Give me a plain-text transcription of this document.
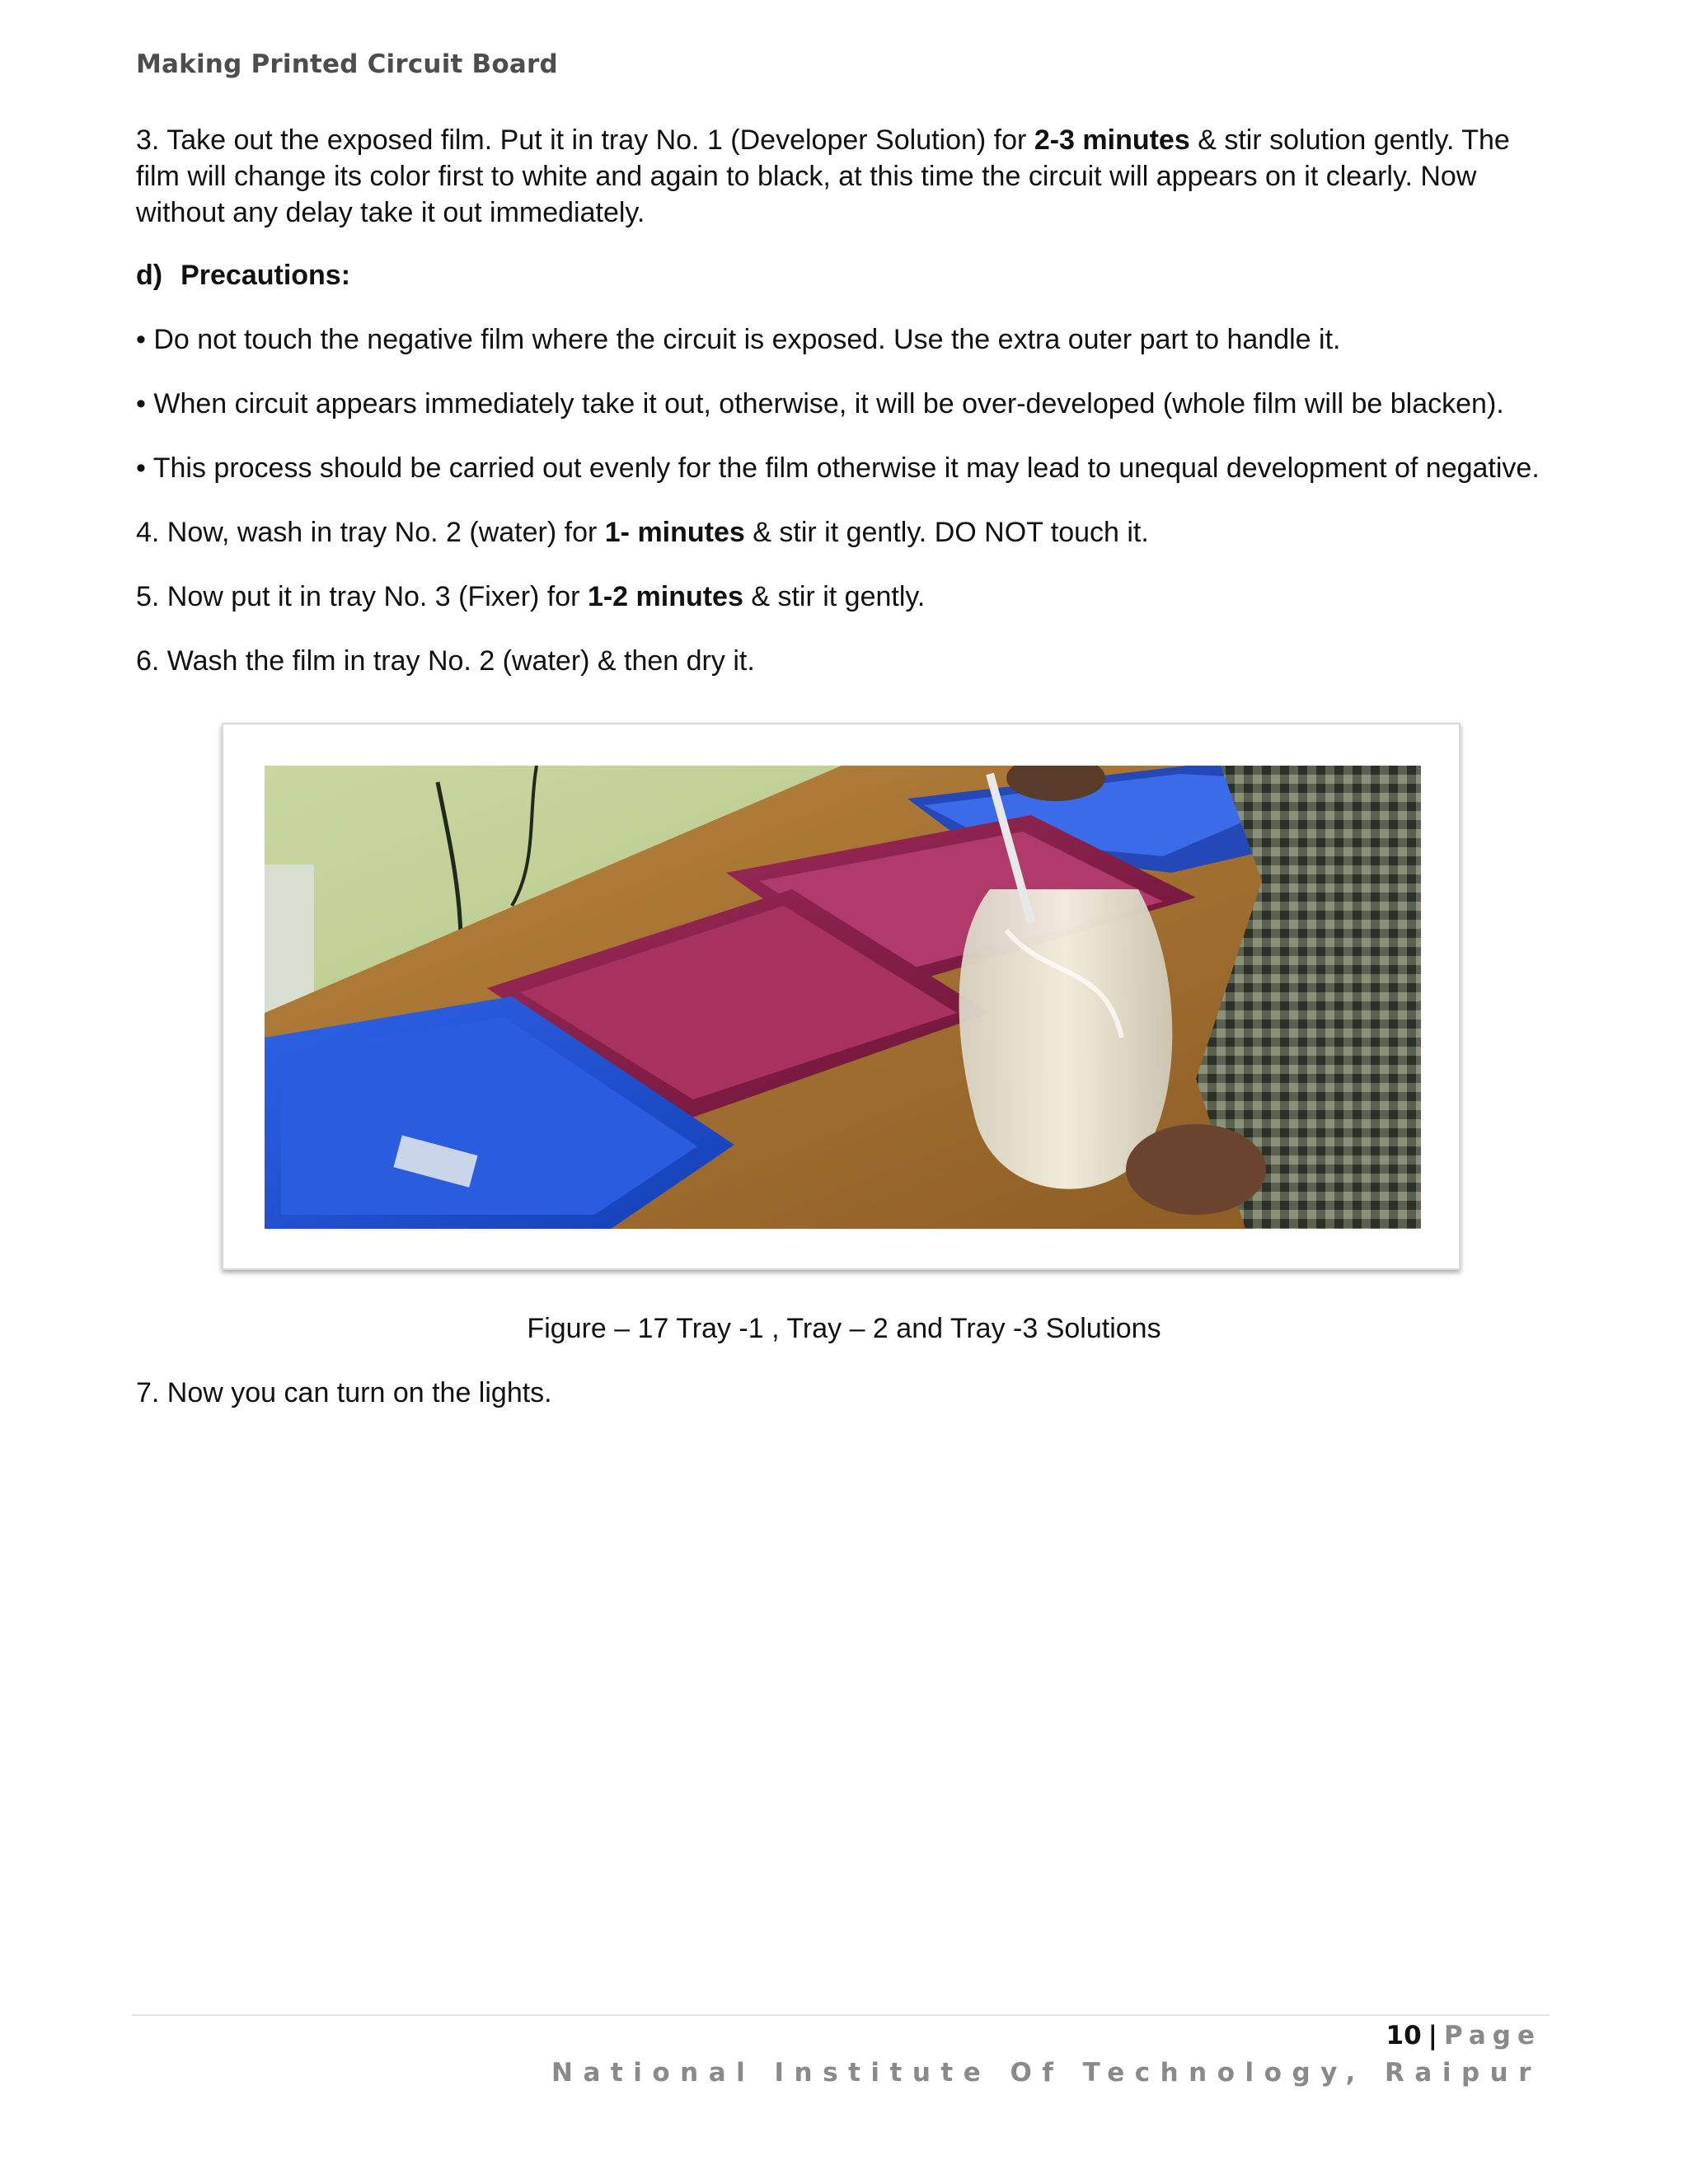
Making Printed Circuit Board

3. Take out the exposed film. Put it in tray No. 1 (Developer Solution) for 2-3 minutes & stir solution gently. The film will change its color first to white and again to black, at this time the circuit will appears on it clearly. Now without any delay take it out immediately.

d) Precautions:

• Do not touch the negative film where the circuit is exposed. Use the extra outer part to handle it.

• When circuit appears immediately take it out, otherwise, it will be over-developed (whole film will be blacken).

• This process should be carried out evenly for the film otherwise it may lead to unequal development of negative.

4. Now, wash in tray No. 2 (water) for 1- minutes & stir it gently. DO NOT touch it.

5. Now put it in tray No. 3 (Fixer) for 1-2 minutes & stir it gently.

6. Wash the film in tray No. 2 (water) & then dry it.

Figure – 17 Tray -1 , Tray – 2 and Tray -3 Solutions

7. Now you can turn on the lights.

10 | Page
National Institute Of Technology, Raipur
